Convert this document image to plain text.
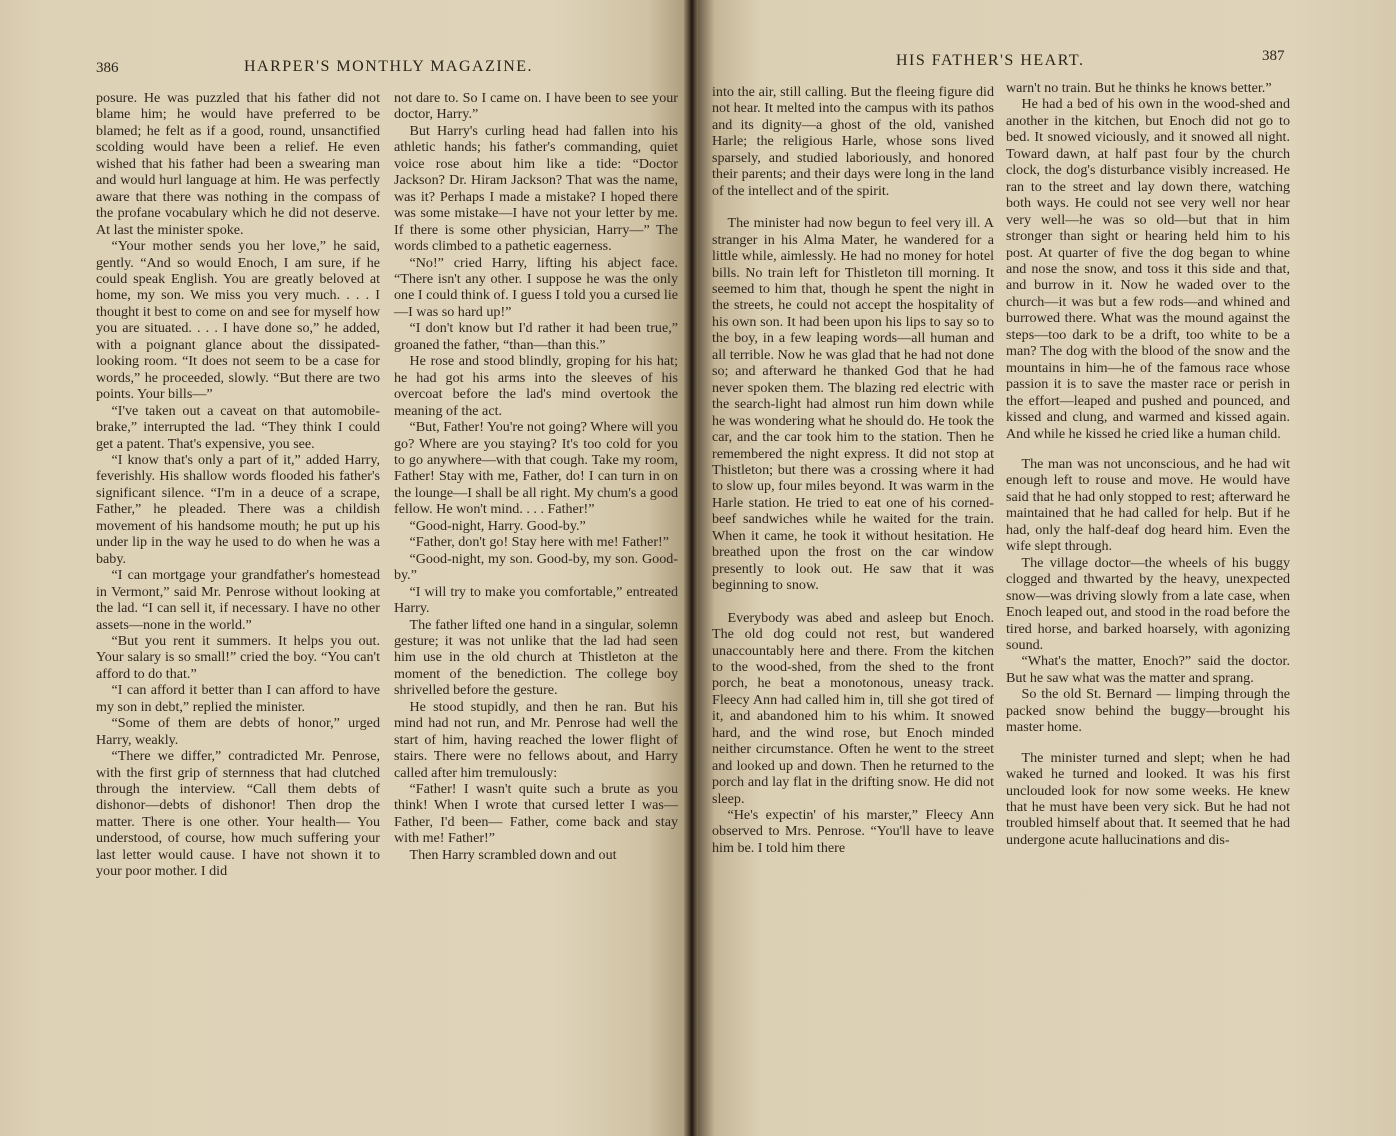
386	HARPER'S MONTHLY MAGAZINE.

posure. He was puzzled that his father did not blame him; he would have preferred to be blamed; he felt as if a good, round, unsanctified scolding would have been a relief. He even wished that his father had been a swearing man and would hurl language at him. He was perfectly aware that there was nothing in the compass of the profane vocabulary which he did not deserve. At last the minister spoke.

“Your mother sends you her love,” he said, gently. “And so would Enoch, I am sure, if he could speak English. You are greatly beloved at home, my son. We miss you very much. . . . I thought it best to come on and see for myself how you are situated. . . . I have done so,” he added, with a poignant glance about the dissipated-looking room. “It does not seem to be a case for words,” he proceeded, slowly. “But there are two points. Your bills—”

“I've taken out a caveat on that automobile-brake,” interrupted the lad. “They think I could get a patent. That's expensive, you see.

“I know that's only a part of it,” added Harry, feverishly. His shallow words flooded his father's significant silence. “I'm in a deuce of a scrape, Father,” he pleaded. There was a childish movement of his handsome mouth; he put up his under lip in the way he used to do when he was a baby.

“I can mortgage your grandfather's homestead in Vermont,” said Mr. Penrose without looking at the lad. “I can sell it, if necessary. I have no other assets—none in the world.”

“But you rent it summers. It helps you out. Your salary is so small!” cried the boy. “You can't afford to do that.”

“I can afford it better than I can afford to have my son in debt,” replied the minister.

“Some of them are debts of honor,” urged Harry, weakly.

“There we differ,” contradicted Mr. Penrose, with the first grip of sternness that had clutched through the interview. “Call them debts of dishonor—debts of dishonor! Then drop the matter. There is one other. Your health— You understood, of course, how much suffering your last letter would cause. I have not shown it to your poor mother. I did

not dare to. So I came on. I have been to see your doctor, Harry.”

But Harry's curling head had fallen into his athletic hands; his father's commanding, quiet voice rose about him like a tide: “Doctor Jackson? Dr. Hiram Jackson? That was the name, was it? Perhaps I made a mistake? I hoped there was some mistake—I have not your letter by me. If there is some other physician, Harry—” The words climbed to a pathetic eagerness.

“No!” cried Harry, lifting his abject face. “There isn't any other. I suppose he was the only one I could think of. I guess I told you a cursed lie—I was so hard up!”

“I don't know but I'd rather it had been true,” groaned the father, “than—than this.”

He rose and stood blindly, groping for his hat; he had got his arms into the sleeves of his overcoat before the lad's mind overtook the meaning of the act.

“But, Father! You're not going? Where will you go? Where are you staying? It's too cold for you to go anywhere—with that cough. Take my room, Father! Stay with me, Father, do! I can turn in on the lounge—I shall be all right. My chum's a good fellow. He won't mind. . . . Father!”

“Good-night, Harry. Good-by.”

“Father, don't go! Stay here with me! Father!”

“Good-night, my son. Good-by, my son. Good-by.”

“I will try to make you comfortable,” entreated Harry.

The father lifted one hand in a singular, solemn gesture; it was not unlike that the lad had seen him use in the old church at Thistleton at the moment of the benediction. The college boy shrivelled before the gesture.

He stood stupidly, and then he ran. But his mind had not run, and Mr. Penrose had well the start of him, having reached the lower flight of stairs. There were no fellows about, and Harry called after him tremulously:

“Father! I wasn't quite such a brute as you think! When I wrote that cursed letter I was— Father, I'd been— Father, come back and stay with me! Father!”

Then Harry scrambled down and out

HIS FATHER'S HEART.	387

into the air, still calling. But the fleeing figure did not hear. It melted into the campus with its pathos and its dignity—a ghost of the old, vanished Harle; the religious Harle, whose sons lived sparsely, and studied laboriously, and honored their parents; and their days were long in the land of the intellect and of the spirit.

The minister had now begun to feel very ill. A stranger in his Alma Mater, he wandered for a little while, aimlessly. He had no money for hotel bills. No train left for Thistleton till morning. It seemed to him that, though he spent the night in the streets, he could not accept the hospitality of his own son. It had been upon his lips to say so to the boy, in a few leaping words—all human and all terrible. Now he was glad that he had not done so; and afterward he thanked God that he had never spoken them. The blazing red electric with the search-light had almost run him down while he was wondering what he should do. He took the car, and the car took him to the station. Then he remembered the night express. It did not stop at Thistleton; but there was a crossing where it had to slow up, four miles beyond. It was warm in the Harle station. He tried to eat one of his corned-beef sandwiches while he waited for the train. When it came, he took it without hesitation. He breathed upon the frost on the car window presently to look out. He saw that it was beginning to snow.

Everybody was abed and asleep but Enoch. The old dog could not rest, but wandered unaccountably here and there. From the kitchen to the wood-shed, from the shed to the front porch, he beat a monotonous, uneasy track. Fleecy Ann had called him in, till she got tired of it, and abandoned him to his whim. It snowed hard, and the wind rose, but Enoch minded neither circumstance. Often he went to the street and looked up and down. Then he returned to the porch and lay flat in the drifting snow. He did not sleep.

“He's expectin' of his marster,” Fleecy Ann observed to Mrs. Penrose. “You'll have to leave him be. I told him there

warn't no train. But he thinks he knows better.”

He had a bed of his own in the wood-shed and another in the kitchen, but Enoch did not go to bed. It snowed viciously, and it snowed all night. Toward dawn, at half past four by the church clock, the dog's disturbance visibly increased. He ran to the street and lay down there, watching both ways. He could not see very well nor hear very well—he was so old—but that in him stronger than sight or hearing held him to his post. At quarter of five the dog began to whine and nose the snow, and toss it this side and that, and burrow in it. Now he waded over to the church—it was but a few rods—and whined and burrowed there. What was the mound against the steps—too dark to be a drift, too white to be a man? The dog with the blood of the snow and the mountains in him—he of the famous race whose passion it is to save the master race or perish in the effort—leaped and pushed and pounced, and kissed and clung, and warmed and kissed again. And while he kissed he cried like a human child.

The man was not unconscious, and he had wit enough left to rouse and move. He would have said that he had only stopped to rest; afterward he maintained that he had called for help. But if he had, only the half-deaf dog heard him. Even the wife slept through.

The village doctor—the wheels of his buggy clogged and thwarted by the heavy, unexpected snow—was driving slowly from a late case, when Enoch leaped out, and stood in the road before the tired horse, and barked hoarsely, with agonizing sound.

“What's the matter, Enoch?” said the doctor. But he saw what was the matter and sprang.

So the old St. Bernard — limping through the packed snow behind the buggy—brought his master home.

The minister turned and slept; when he had waked he turned and looked. It was his first unclouded look for now some weeks. He knew that he must have been very sick. But he had not troubled himself about that. It seemed that he had undergone acute hallucinations and dis-
